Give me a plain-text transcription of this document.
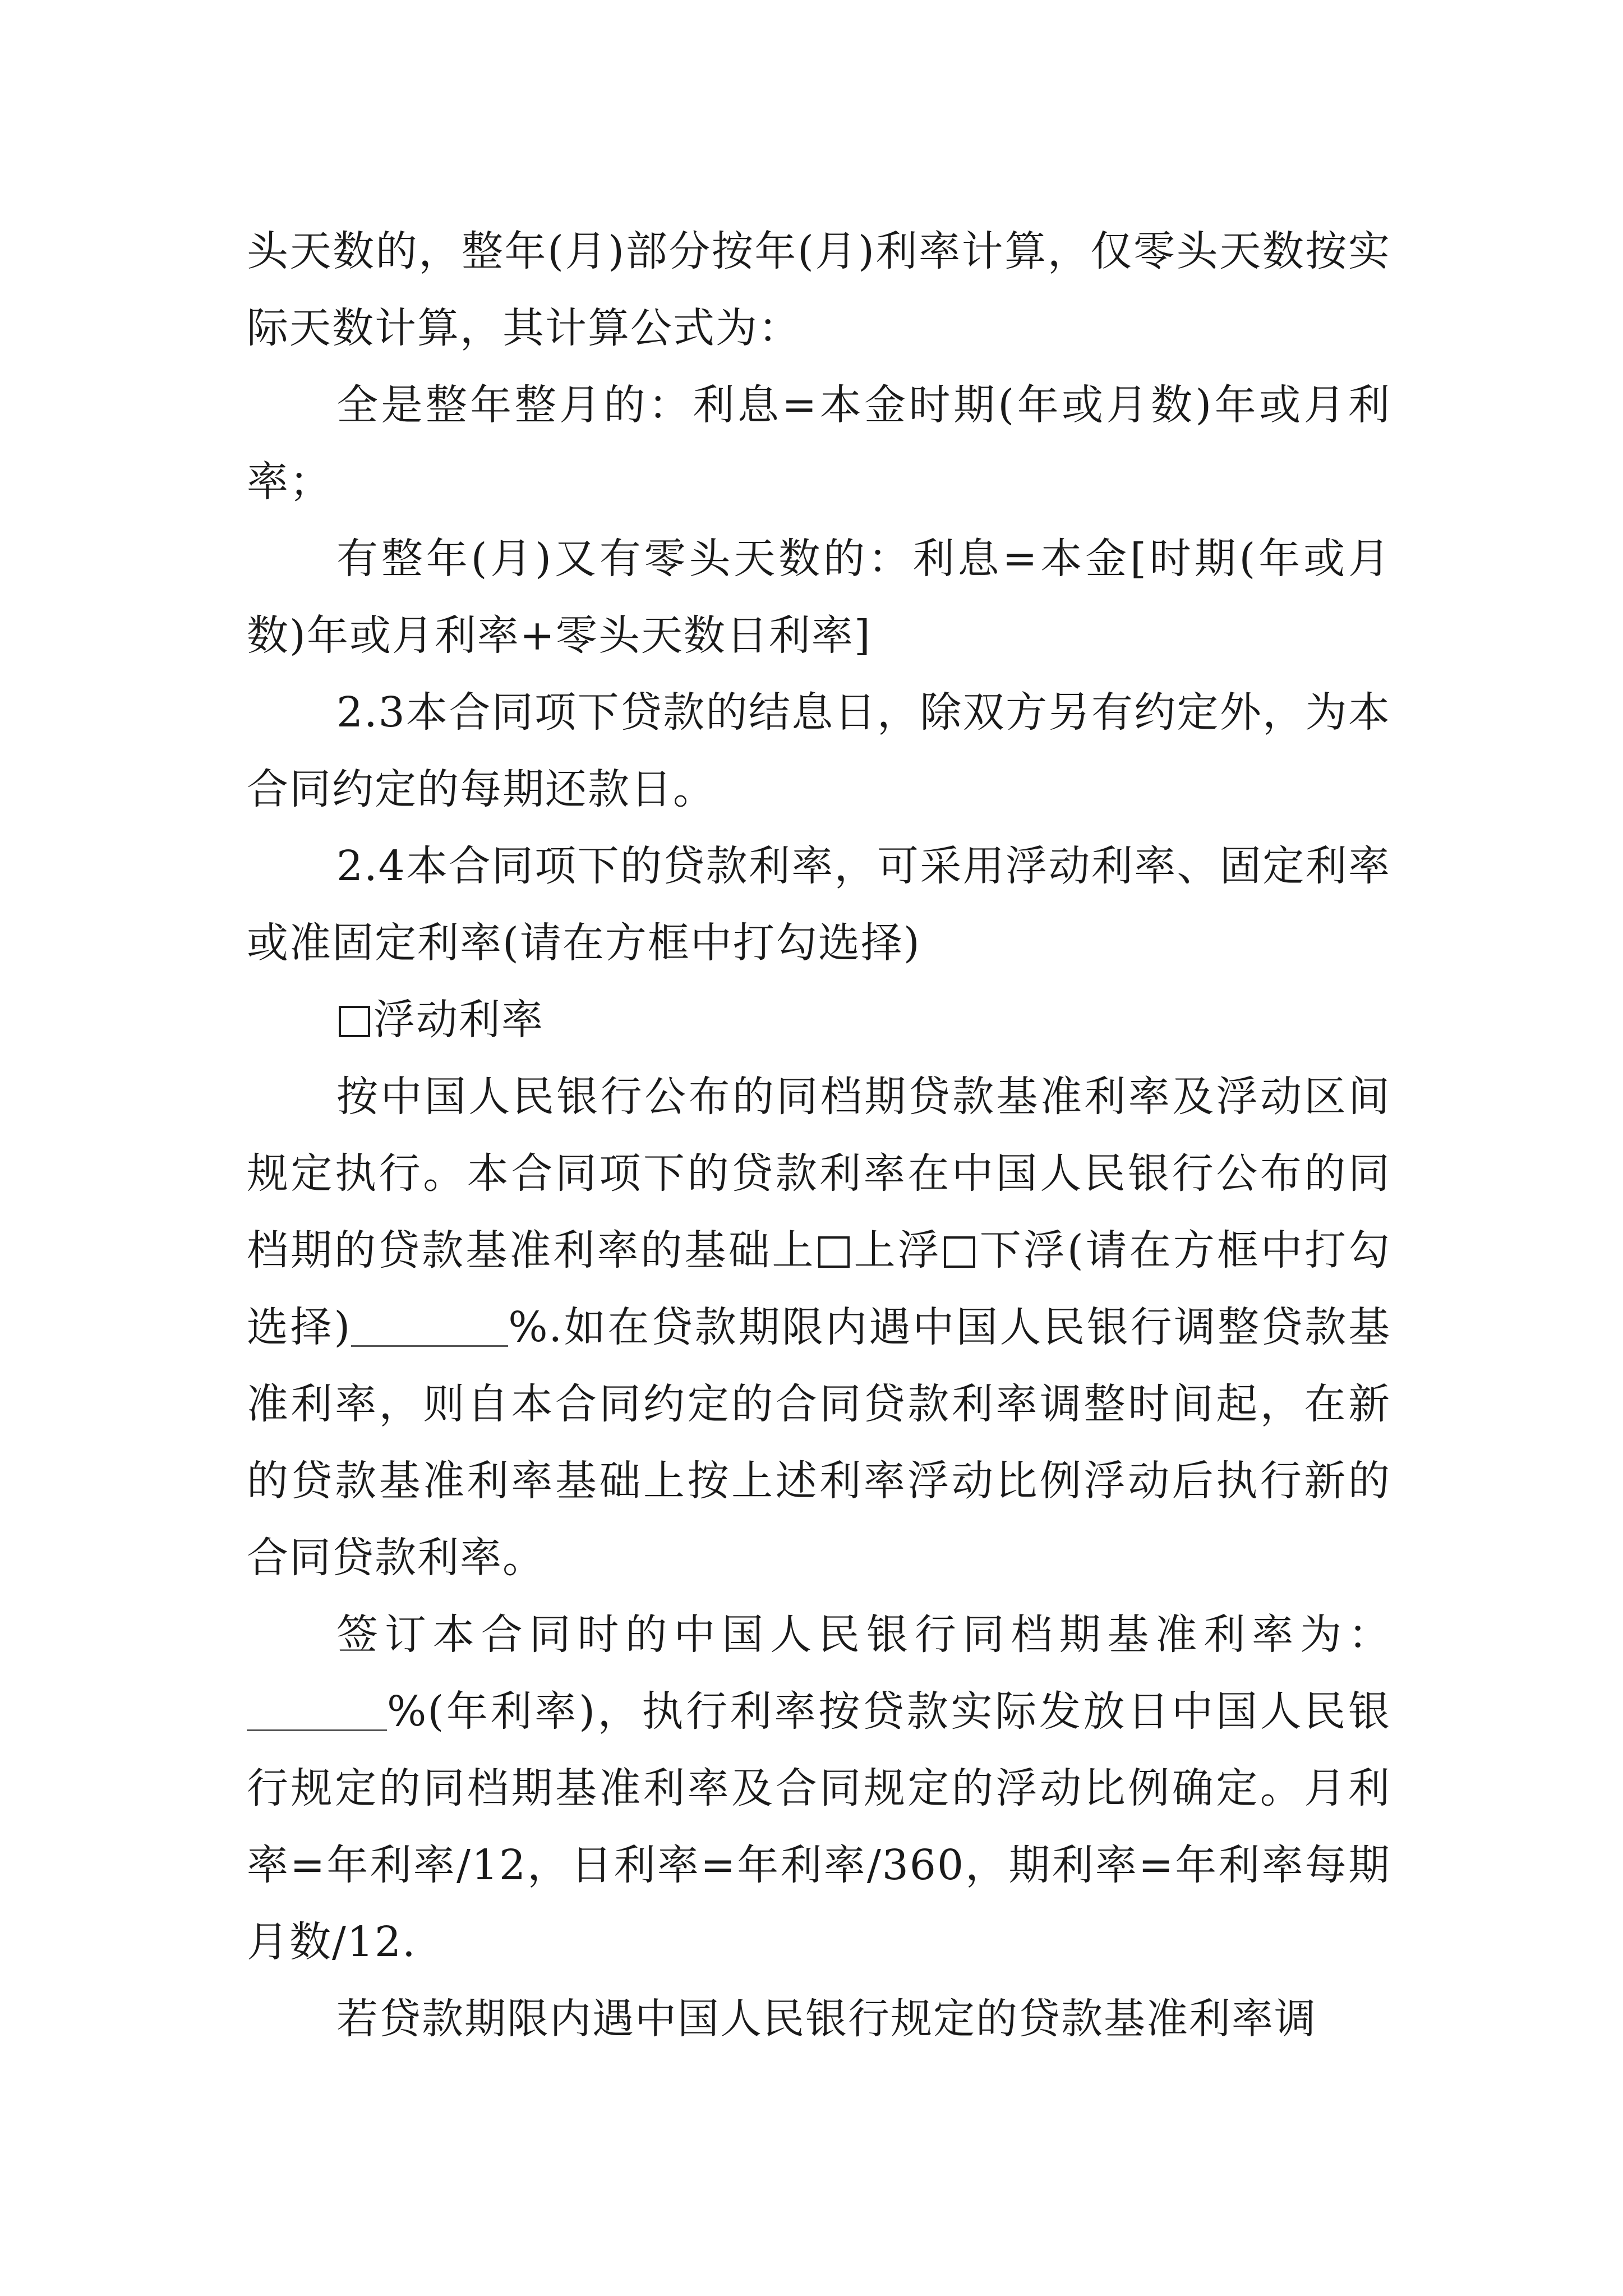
头天数的，整年(月)部分按年(月)利率计算，仅零头天数按实际天数计算，其计算公式为：

全是整年整月的：利息=本金时期(年或月数)年或月利率；

有整年(月)又有零头天数的：利息=本金[时期(年或月数)年或月利率+零头天数日利率]

2.3本合同项下贷款的结息日，除双方另有约定外，为本合同约定的每期还款日。

2.4本合同项下的贷款利率，可采用浮动利率、固定利率或准固定利率(请在方框中打勾选择)

浮动利率

按中国人民银行公布的同档期贷款基准利率及浮动区间规定执行。本合同项下的贷款利率在中国人民银行公布的同档期的贷款基准利率的基础上 上浮 下浮(请在方框中打勾选择)	%.如在贷款期限内遇中国人民银行调整贷款基准利率，则自本合同约定的合同贷款利率调整时间起，在新的贷款基准利率基础上按上述利率浮动比例浮动后执行新的合同贷款利率。

签订本合同时的中国人民银行同档期基准利率为：%(年利率)，执行利率按贷款实际发放日中国人民银行规定的同档期基准利率及合同规定的浮动比例确定。月利率=年利率/12，日利率=年利率/360，期利率=年利率每期月数/12.

若贷款期限内遇中国人民银行规定的贷款基准利率调
